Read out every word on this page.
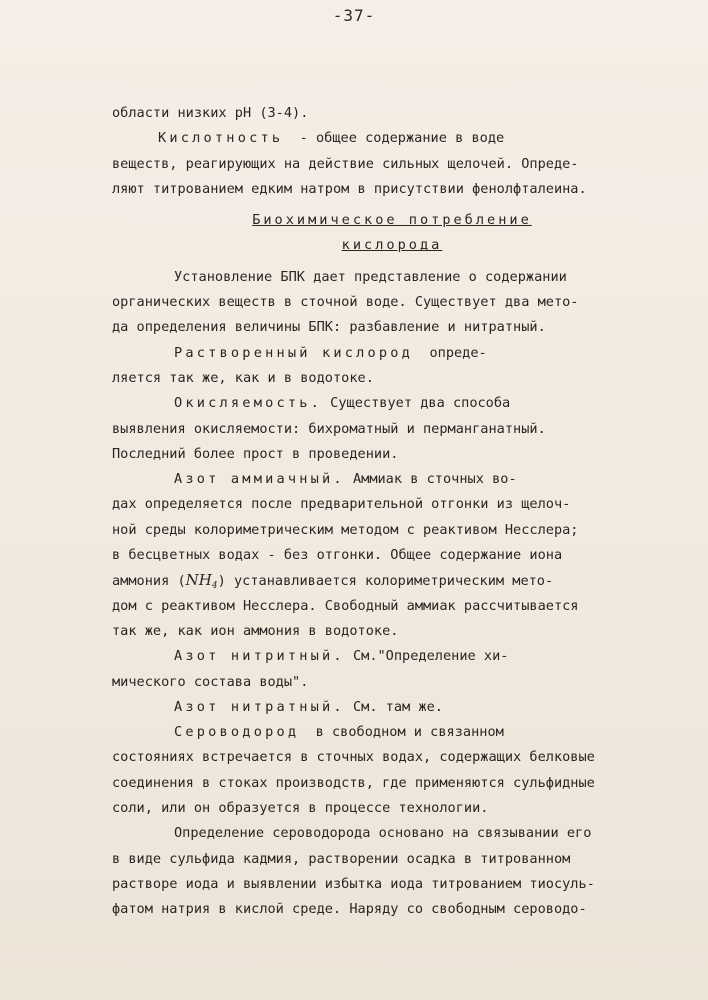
-37-
области низких рН (3-4).
Кислотность  - общее содержание в воде
веществ, реагирующих на действие сильных щелочей. Опреде-
ляют титрованием едким натром в присутствии фенолфталеина.
Биохимическое потребление
кислорода
Установление БПК дает представление о содержании
органических веществ в сточной воде. Существует два мето-
да определения величины БПК: разбавление и нитратный.
Растворенный кислород  опреде-
ляется так же, как и в водотоке.
Окисляемость. Существует два способа
выявления окисляемости: бихроматный и перманганатный.
Последний более прост в проведении.
Азот аммиачный. Аммиак в сточных во-
дах определяется после предварительной отгонки из щелоч-
ной среды колориметрическим методом с реактивом Несслера;
в бесцветных водах - без отгонки. Общее содержание иона
аммония $(NH_4)$ устанавливается колориметрическим мето-
дом с реактивом Несслера. Свободный аммиак рассчитывается
так же, как ион аммония в водотоке.
Азот нитритный. См."Определение хи-
мического состава воды".
Азот нитратный. См. там же.
Сероводород  в свободном и связанном
состояниях встречается в сточных водах, содержащих белковые
соединения в стоках производств, где применяются сульфидные
соли, или он образуется в процессе технологии.
Определение сероводорода основано на связывании его
в виде сульфида кадмия, растворении осадка в титрованном
растворе иода и выявлении избытка иода титрованием тиосуль-
фатом натрия в кислой среде. Наряду со свободным сероводо-
